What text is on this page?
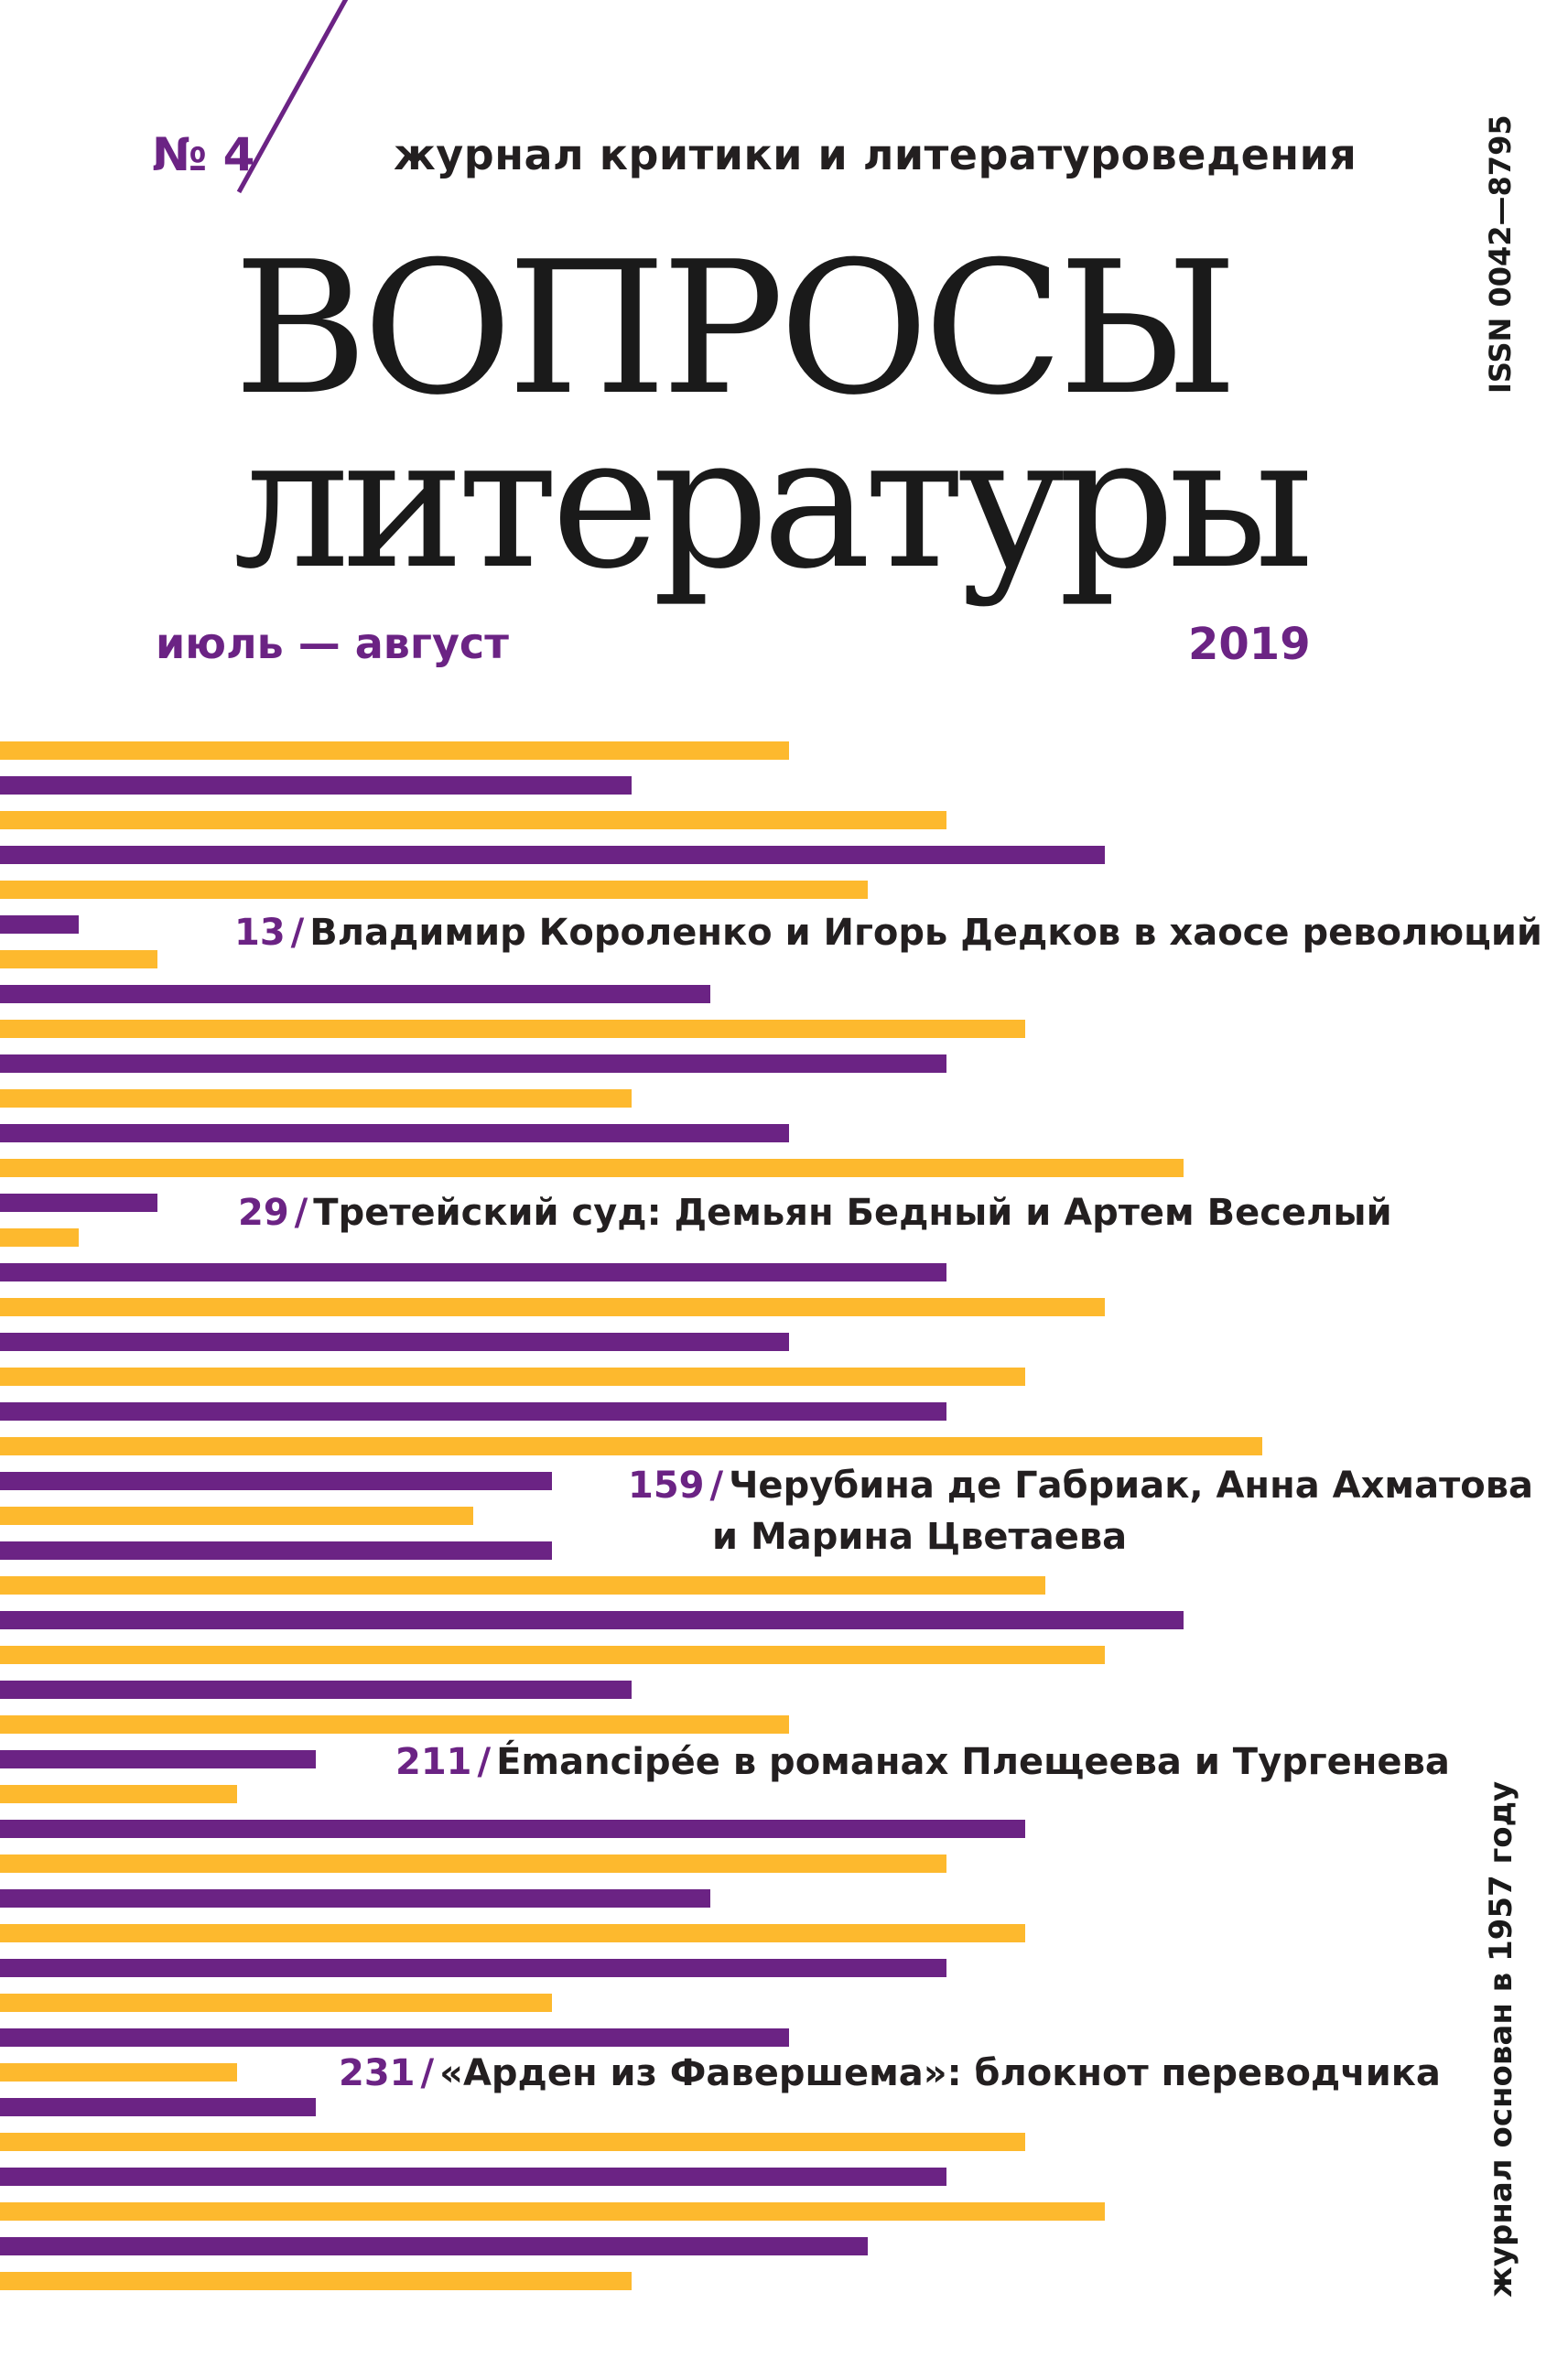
№ 4	журнал критики и литературоведения
ВОПРОСЫ
литературы
июль — август	2019
ISSN 0042—8795
журнал основан в 1957 году
13 / Владимир Короленко и Игорь Дедков в хаосе революций
29 / Третейский суд: Демьян Бедный и Артем Веселый
159 / Черубина де Габриак, Анна Ахматова
и Марина Цветаева
211 / Émancipée в романах Плещеева и Тургенева
231 / «Арден из Фавершема»: блокнот переводчика
